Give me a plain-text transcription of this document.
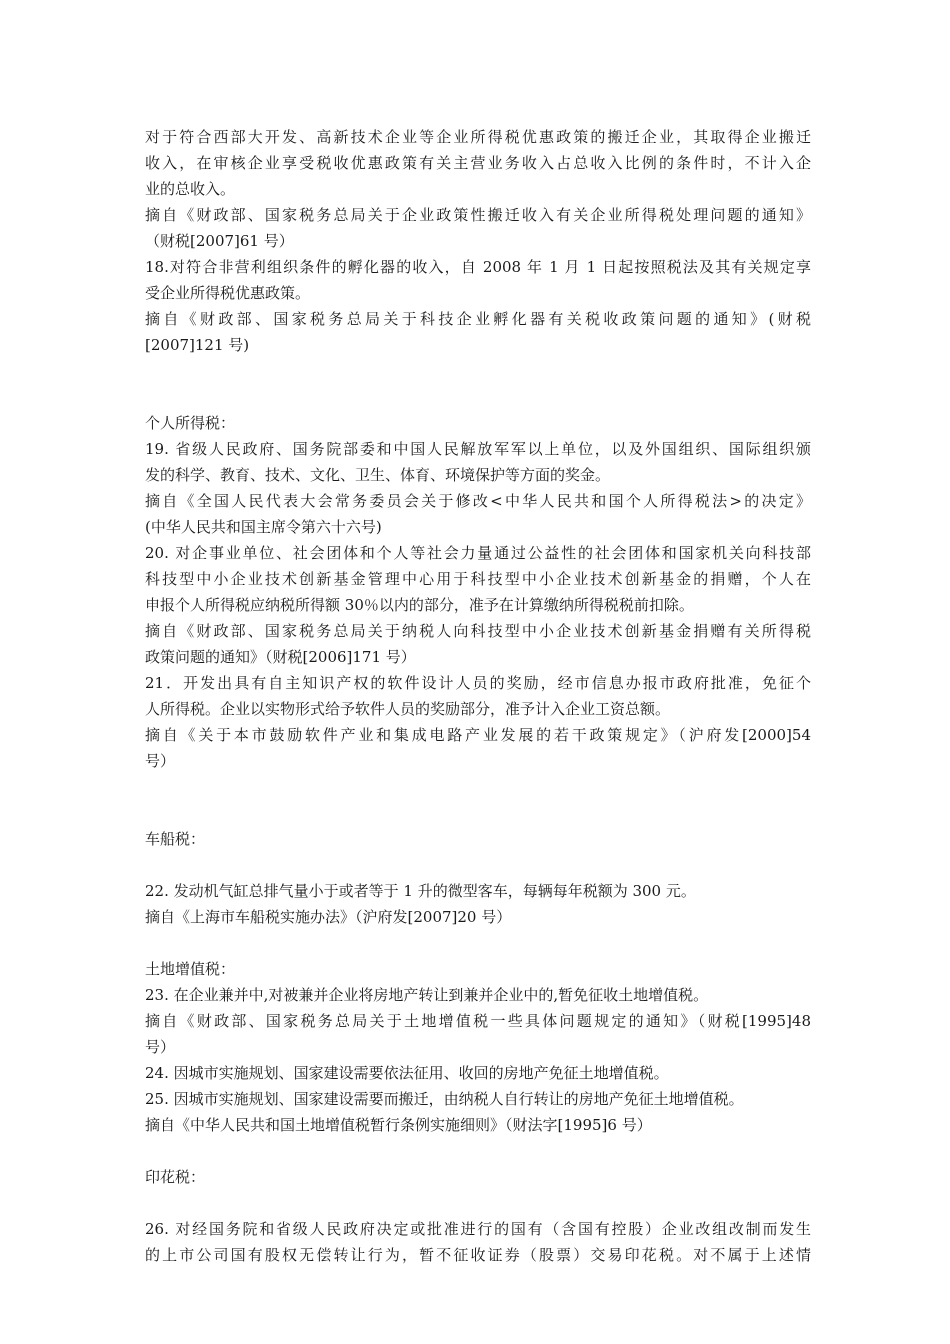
对于符合西部大开发、高新技术企业等企业所得税优惠政策的搬迁企业，其取得企业搬迁
收入，在审核企业享受税收优惠政策有关主营业务收入占总收入比例的条件时，不计入企
业的总收入。
摘自《财政部、国家税务总局关于企业政策性搬迁收入有关企业所得税处理问题的通知》
（财税[2007]61 号）
18.对符合非营利组织条件的孵化器的收入，自 2008 年 1 月 1 日起按照税法及其有关规定享
受企业所得税优惠政策。
摘自《财政部、国家税务总局关于科技企业孵化器有关税收政策问题的通知》(财税
[2007]121 号)
个人所得税：
19. 省级人民政府、国务院部委和中国人民解放军军以上单位，以及外国组织、国际组织颁
发的科学、教育、技术、文化、卫生、体育、环境保护等方面的奖金。
摘自《全国人民代表大会常务委员会关于修改<中华人民共和国个人所得税法>的决定》
(中华人民共和国主席令第六十六号)
20. 对企事业单位、社会团体和个人等社会力量通过公益性的社会团体和国家机关向科技部
科技型中小企业技术创新基金管理中心用于科技型中小企业技术创新基金的捐赠，个人在
申报个人所得税应纳税所得额 30％以内的部分，准予在计算缴纳所得税税前扣除。
摘自《财政部、国家税务总局关于纳税人向科技型中小企业技术创新基金捐赠有关所得税
政策问题的通知》（财税[2006]171 号）
21．开发出具有自主知识产权的软件设计人员的奖励，经市信息办报市政府批准，免征个
人所得税。企业以实物形式给予软件人员的奖励部分，准予计入企业工资总额。
摘自《关于本市鼓励软件产业和集成电路产业发展的若干政策规定》（沪府发[2000]54
号）
车船税：
22. 发动机气缸总排气量小于或者等于 1 升的微型客车，每辆每年税额为 300 元。
摘自《上海市车船税实施办法》（沪府发[2007]20 号）
土地增值税：
23. 在企业兼并中,对被兼并企业将房地产转让到兼并企业中的,暂免征收土地增值税。
摘自《财政部、国家税务总局关于土地增值税一些具体问题规定的通知》（财税[1995]48
号）
24. 因城市实施规划、国家建设需要依法征用、收回的房地产免征土地增值税。
25. 因城市实施规划、国家建设需要而搬迁，由纳税人自行转让的房地产免征土地增值税。
摘自《中华人民共和国土地增值税暂行条例实施细则》（财法字[1995]6 号）
印花税：
26. 对经国务院和省级人民政府决定或批准进行的国有（含国有控股）企业改组改制而发生
的上市公司国有股权无偿转让行为，暂不征收证券（股票）交易印花税。对不属于上述情
